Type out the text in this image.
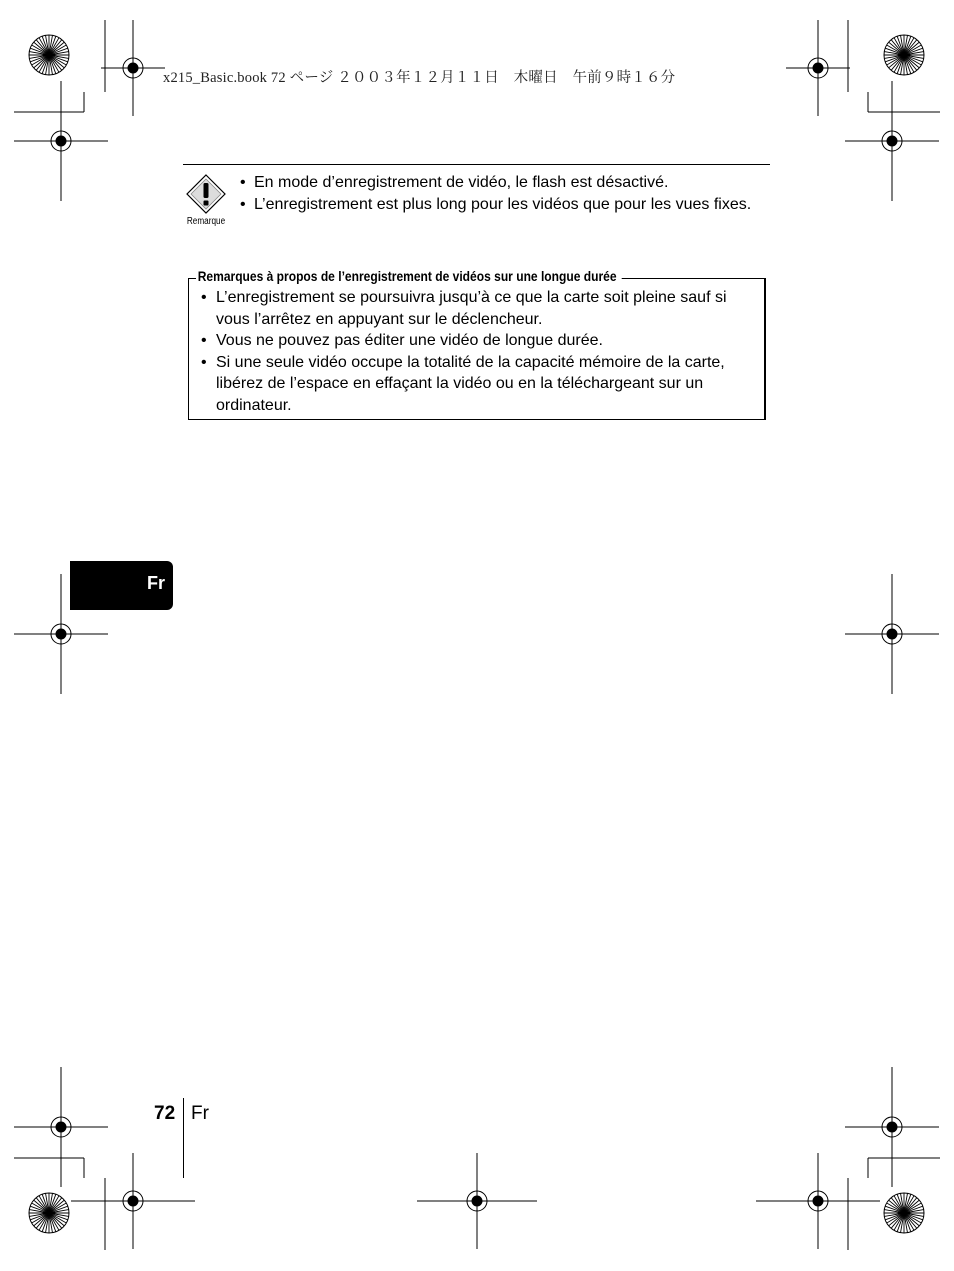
x215_Basic.book 72 ページ ２００３年１２月１１日　木曜日　午前９時１６分
Remarque
• En mode d’enregistrement de vidéo, le flash est désactivé.
• L’enregistrement est plus long pour les vidéos que pour les vues fixes.
Remarques à propos de l’enregistrement de vidéos sur une longue durée
• L’enregistrement se poursuivra jusqu’à ce que la carte soit pleine sauf si vous l’arrêtez en appuyant sur le déclencheur.
• Vous ne pouvez pas éditer une vidéo de longue durée.
• Si une seule vidéo occupe la totalité de la capacité mémoire de la carte, libérez de l’espace en effaçant la vidéo ou en la téléchargeant sur un ordinateur.
Fr
72 Fr
